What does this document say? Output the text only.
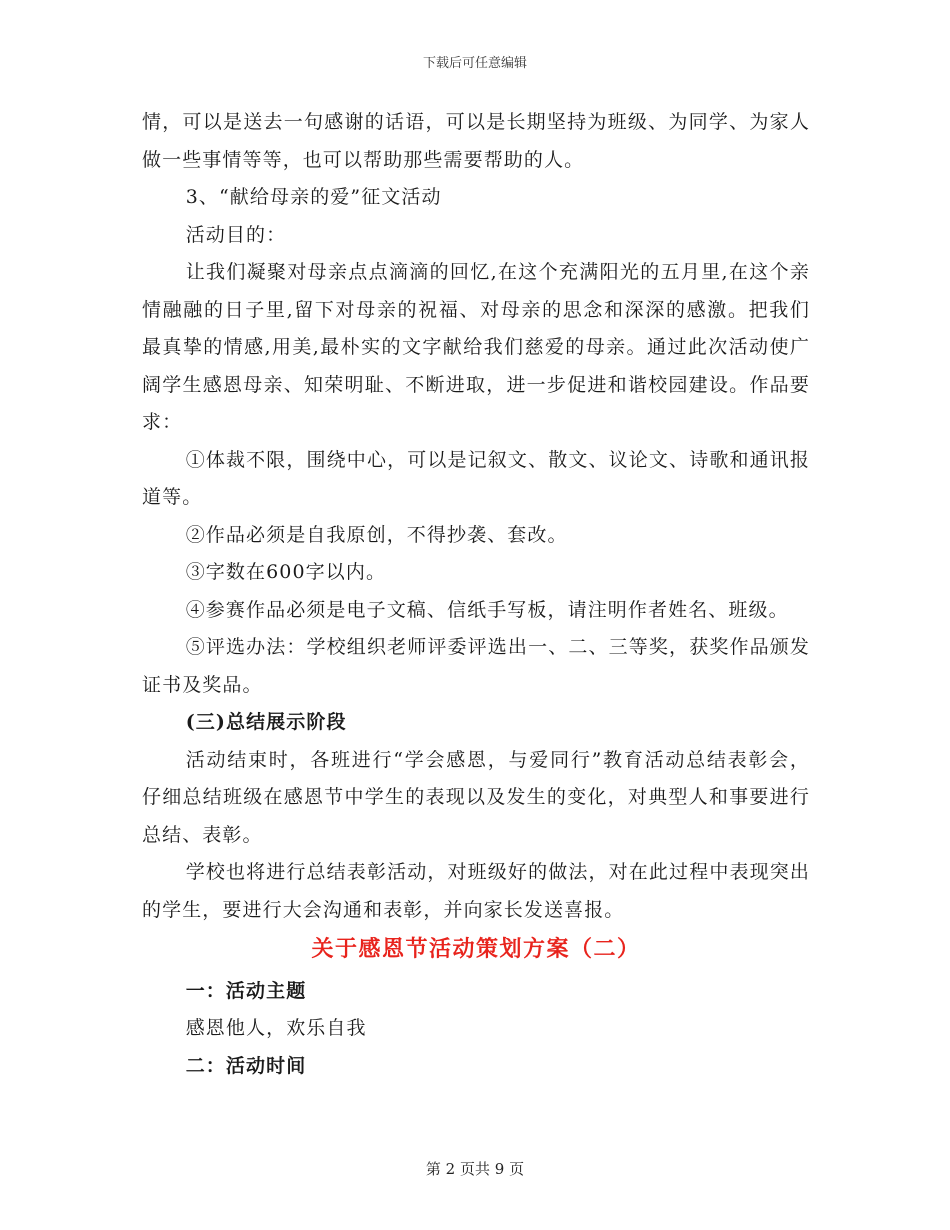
下载后可任意编辑

情，可以是送去一句感谢的话语，可以是长期坚持为班级、为同学、为家人做一些事情等等，也可以帮助那些需要帮助的人。

3、“献给母亲的爱”征文活动

活动目的：

让我们凝聚对母亲点点滴滴的回忆,在这个充满阳光的五月里,在这个亲情融融的日子里,留下对母亲的祝福、对母亲的思念和深深的感激。把我们最真挚的情感,用美,最朴实的文字献给我们慈爱的母亲。通过此次活动使广阔学生感恩母亲、知荣明耻、不断进取，进一步促进和谐校园建设。作品要求：

①体裁不限，围绕中心，可以是记叙文、散文、议论文、诗歌和通讯报道等。

②作品必须是自我原创，不得抄袭、套改。

③字数在600字以内。

④参赛作品必须是电子文稿、信纸手写板，请注明作者姓名、班级。

⑤评选办法：学校组织老师评委评选出一、二、三等奖，获奖作品颁发证书及奖品。

(三)总结展示阶段

活动结束时，各班进行“学会感恩，与爱同行”教育活动总结表彰会，仔细总结班级在感恩节中学生的表现以及发生的变化，对典型人和事要进行总结、表彰。

学校也将进行总结表彰活动，对班级好的做法，对在此过程中表现突出的学生，要进行大会沟通和表彰，并向家长发送喜报。

关于感恩节活动策划方案（二）

一：活动主题

感恩他人，欢乐自我

二：活动时间

第 2 页共 9 页
